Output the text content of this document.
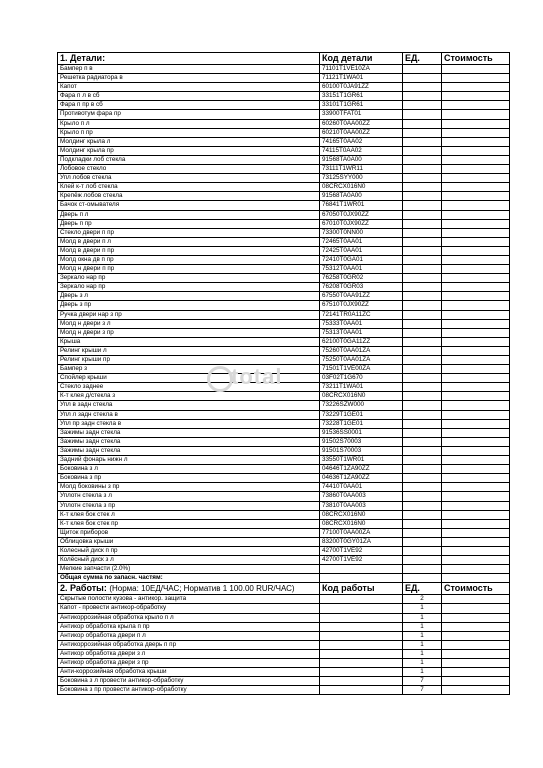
1. Детали:	Код детали	ЕД.	Стоимость
Бампер п в	71101T1VE10ZA		
Решетка радиатора в	71121T1WA01		
Капот	60100T0JA91ZZ		
Фара п л в сб	33151T1GR61		
Фара п пр в сб	33101T1GR61		
Противотум фара пр	33900TFAT01		
Крыло п л	60260T0AA00ZZ		
Крыло п пр	60210T0AA00ZZ		
Молдинг крыла л	74165T0AA02		
Молдинг крыла пр	74115T0AA02		
Подкладки лоб стекла	91568TA0A00		
Лобовое стекло	73111T1WR11		
Упл лобов стекла	73125SYY000		
Клей к-т лоб стекла	08CRCX016N0		
Крепёж лобов стекла	91568TA0A00		
Бачок ст-омывателя	76841T1WR01		
Дверь п л	67050T0JX90ZZ		
Дверь п пр	67010T0JX90ZZ		
Стекло двери п пр	73300T0NN00		
Молд в двери п л	72465T0AA01		
Молд в двери п пр	72425T0AA01		
Молд окна дв п пр	72410T0GA01		
Молд н двери п пр	75312T0AA01		
Зеркало нар пр	76258T0GR02		
Зеркало нар пр	76208T0GR03		
Дверь з л	67550T0AA91ZZ		
Дверь з пр	67510T0JX90ZZ		
Ручка двери нар з пр	72141TR0A11ZC		
Молд н двери з л	75333T0AA01		
Молд н двери з пр	75313T0AA01		
Крыша	62100T0GA11ZZ		
Релинг крыши л	75260T0AA01ZA		
Релинг крыши пр	75250T0AA01ZA		
Бампер з	71501T1VE00ZA		
Спойлер крыши	03F02T1G670		
Стекло заднее	73211T1WA01		
К-т клея д/стекла з	08CRCX016N0		
Упл в задн стекла	73226SZW000		
Упл л задн стекла в	73229T1GE01		
Упл пр задн стекла в	73228T1GE01		
Зажимы задн стекла	91536SS0001		
Зажимы задн стекла	91502S70003		
Зажимы задн стекла	91501S70003		
Задний фонарь нижн л	33550T1WR01		
Боковина з л	04646T1ZA90ZZ		
Боковина з пр	04636T1ZA90ZZ		
Молд боковины з пр	74410T0AA01		
Уплотн стекла з л	73860T0AA003		
Уплотн стекла з пр	73810T0AA003		
К-т клея бок стек л	08CRCX016N0		
К-т клея бок стек пр	08CRCX016N0		
Щиток приборов	77100T0AA00ZA		
Облицовка крыши	83200T0GY01ZA		
Колесный диск п пр	42700T1VE92		
Колёсный диск з л	42700T1VE92		
Мелкие запчасти (2.0%)			
Общая сумма по запасн. частям:			
2. Работы: (Норма: 10ЕД/ЧАС; Норматив 1 100.00 RUR/ЧАС)	Код работы	ЕД.	Стоимость
Скрытые полости кузова - антикор. защита		2	
Капот - провести антикор-обработку		1	
Антикоррозийная обработка крыло п л		1	
Антикор обработка крыла п пр		1	
Антикор обработка двери п л		1	
Антикоррозийная обработка дверь п пр		1	
Антикор обработка двери з л		1	
Антикор обработка двери з пр		1	
Анти-коррозийная обработка крыши		1	
Боковина з л провести антикор-обработку		7	
Боковина з пр провести антикор-обработку		7	
total
